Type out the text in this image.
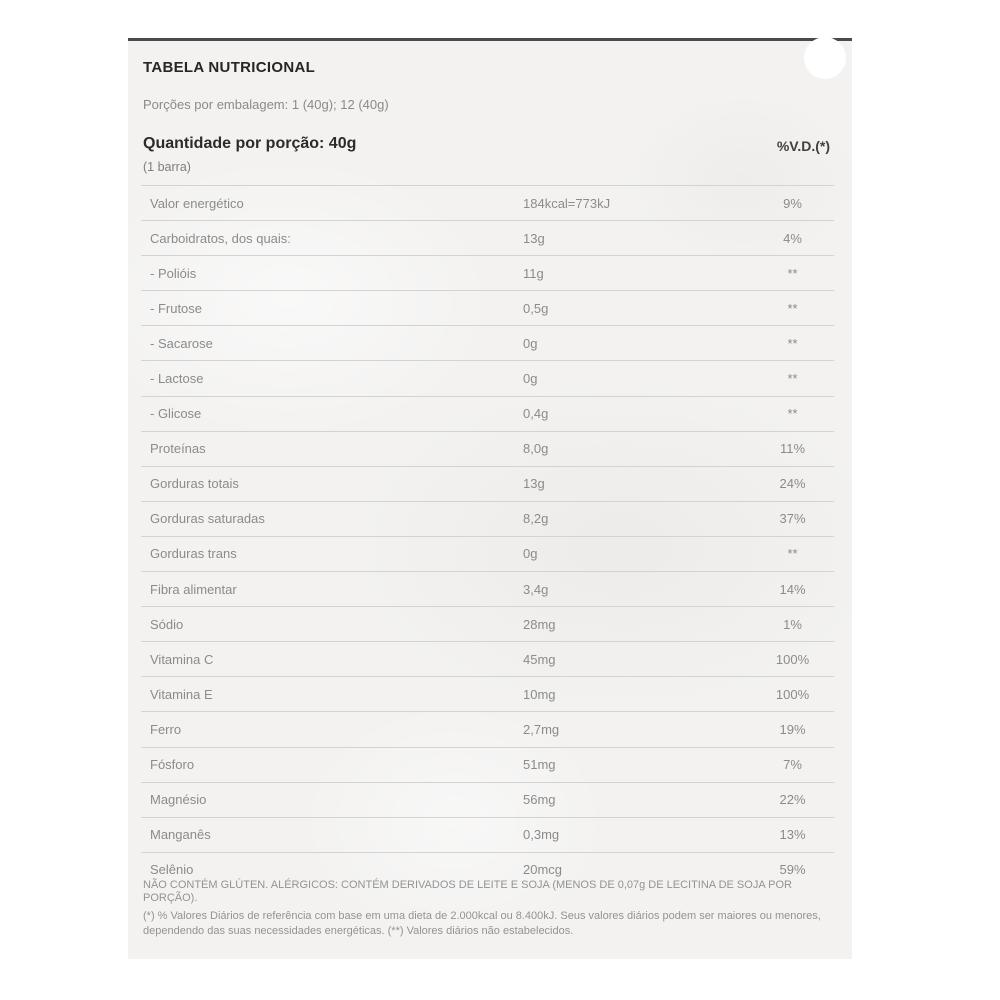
TABELA NUTRICIONAL
Porções por embalagem: 1 (40g); 12 (40g)
Quantidade por porção: 40g	%V.D.(*)
(1 barra)
Valor energético	184kcal=773kJ	9%
Carboidratos, dos quais:	13g	4%
- Polióis	11g	**
- Frutose	0,5g	**
- Sacarose	0g	**
- Lactose	0g	**
- Glicose	0,4g	**
Proteínas	8,0g	11%
Gorduras totais	13g	24%
Gorduras saturadas	8,2g	37%
Gorduras trans	0g	**
Fibra alimentar	3,4g	14%
Sódio	28mg	1%
Vitamina C	45mg	100%
Vitamina E	10mg	100%
Ferro	2,7mg	19%
Fósforo	51mg	7%
Magnésio	56mg	22%
Manganês	0,3mg	13%
Selênio	20mcg	59%
NÃO CONTÉM GLÚTEN. ALÉRGICOS: CONTÉM DERIVADOS DE LEITE E SOJA (MENOS DE 0,07g DE LECITINA DE SOJA POR PORÇÃO).
(*) % Valores Diários de referência com base em uma dieta de 2.000kcal ou 8.400kJ. Seus valores diários podem ser maiores ou menores, dependendo das suas necessidades energéticas. (**) Valores diários não estabelecidos.
